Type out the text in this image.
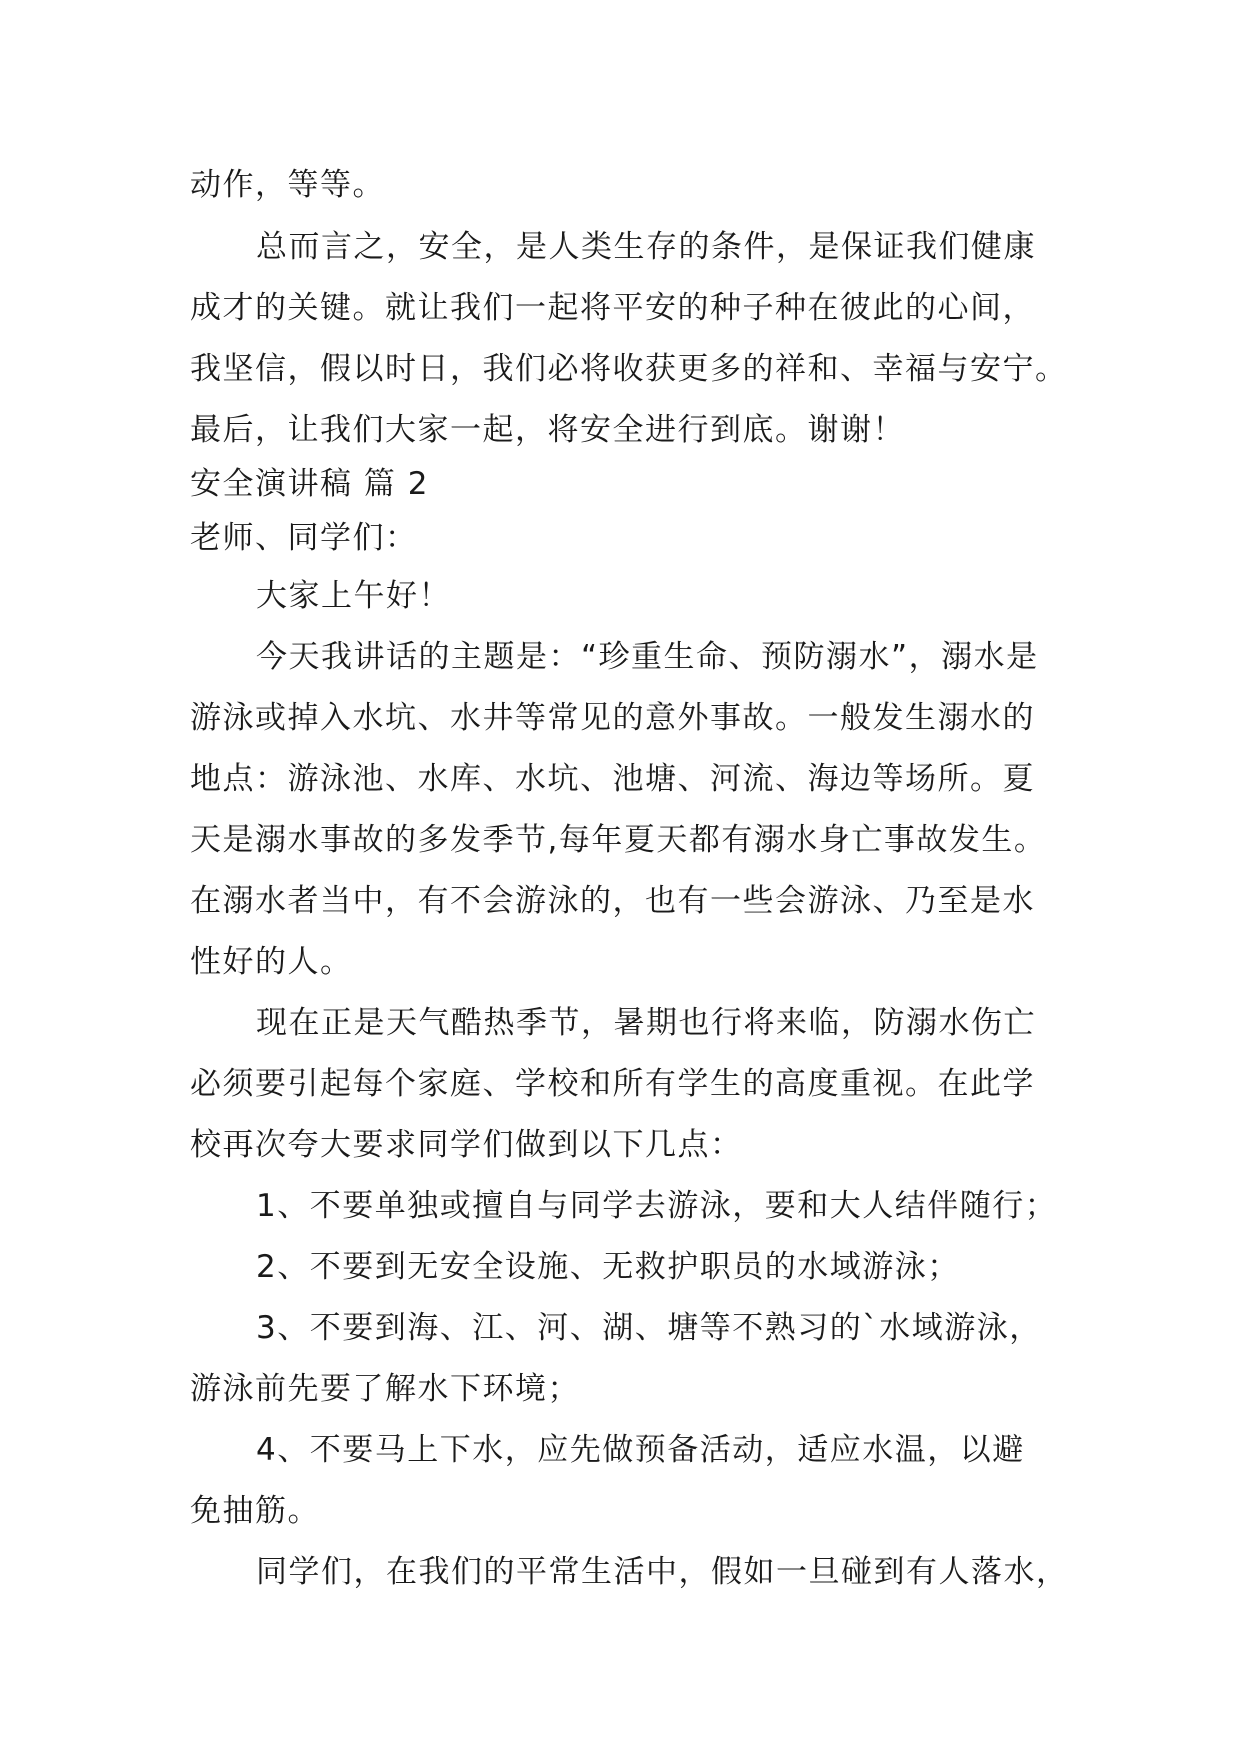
动作，等等。
总而言之，安全，是人类生存的条件，是保证我们健康
成才的关键。就让我们一起将平安的种子种在彼此的心间，
我坚信，假以时日，我们必将收获更多的祥和、幸福与安宁。
最后，让我们大家一起，将安全进行到底。谢谢！
安全演讲稿 篇 2
老师、同学们：
大家上午好！
今天我讲话的主题是：“珍重生命、预防溺水”，溺水是
游泳或掉入水坑、水井等常见的意外事故。一般发生溺水的
地点：游泳池、水库、水坑、池塘、河流、海边等场所。夏
天是溺水事故的多发季节,每年夏天都有溺水身亡事故发生。
在溺水者当中，有不会游泳的，也有一些会游泳、乃至是水
性好的人。
现在正是天气酷热季节，暑期也行将来临，防溺水伤亡
必须要引起每个家庭、学校和所有学生的高度重视。在此学
校再次夸大要求同学们做到以下几点：
1、不要单独或擅自与同学去游泳，要和大人结伴随行；
2、不要到无安全设施、无救护职员的水域游泳；
3、不要到海、江、河、湖、塘等不熟习的`水域游泳，
游泳前先要了解水下环境；
4、不要马上下水，应先做预备活动，适应水温，以避
免抽筋。
同学们，在我们的平常生活中，假如一旦碰到有人落水，
